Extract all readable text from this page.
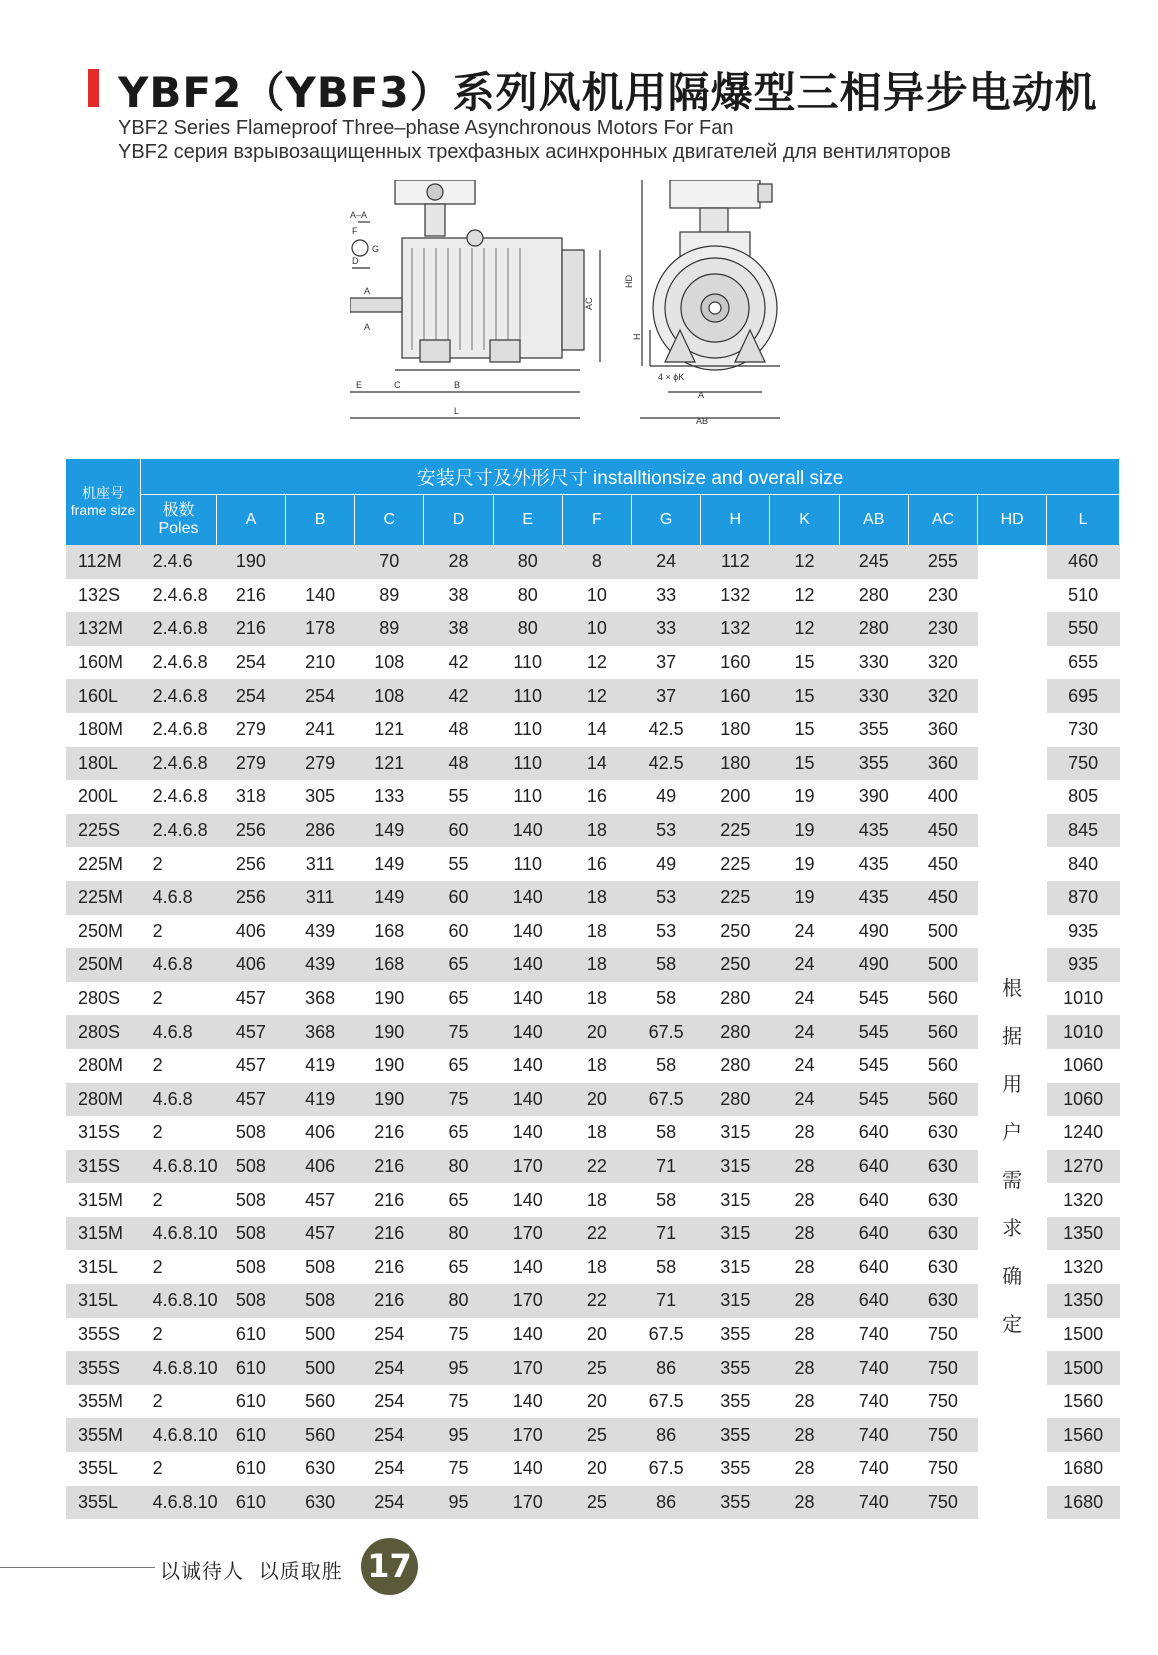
YBF2（YBF3）系列风机用隔爆型三相异步电动机
YBF2 Series Flameproof Three–phase Asynchronous Motors For Fan
YBF2 серия взрывозащищенных трехфазных асинхронных двигателей для вентиляторов
A–A
F
G
D
A
A
E	C	B
L
AC
HD
H
4 × ϕK
A
AB
机座号
frame size	安装尺寸及外形尺寸 installtionsize and overall size													
	极数
Poles	A	B	C	D	E	F	G	H	K	AB	AC	HD	L
112M	2.4.6	190		70	28	80	8	24	112	12	245	255	根据用户需求确定	460
132S	2.4.6.8	216	140	89	38	80	10	33	132	12	280	230		510
132M	2.4.6.8	216	178	89	38	80	10	33	132	12	280	230		550
160M	2.4.6.8	254	210	108	42	110	12	37	160	15	330	320		655
160L	2.4.6.8	254	254	108	42	110	12	37	160	15	330	320		695
180M	2.4.6.8	279	241	121	48	110	14	42.5	180	15	355	360		730
180L	2.4.6.8	279	279	121	48	110	14	42.5	180	15	355	360		750
200L	2.4.6.8	318	305	133	55	110	16	49	200	19	390	400		805
225S	2.4.6.8	256	286	149	60	140	18	53	225	19	435	450		845
225M	2	256	311	149	55	110	16	49	225	19	435	450		840
225M	4.6.8	256	311	149	60	140	18	53	225	19	435	450		870
250M	2	406	439	168	60	140	18	53	250	24	490	500		935
250M	4.6.8	406	439	168	65	140	18	58	250	24	490	500		935
280S	2	457	368	190	65	140	18	58	280	24	545	560		1010
280S	4.6.8	457	368	190	75	140	20	67.5	280	24	545	560		1010
280M	2	457	419	190	65	140	18	58	280	24	545	560		1060
280M	4.6.8	457	419	190	75	140	20	67.5	280	24	545	560		1060
315S	2	508	406	216	65	140	18	58	315	28	640	630		1240
315S	4.6.8.10	508	406	216	80	170	22	71	315	28	640	630		1270
315M	2	508	457	216	65	140	18	58	315	28	640	630		1320
315M	4.6.8.10	508	457	216	80	170	22	71	315	28	640	630		1350
315L	2	508	508	216	65	140	18	58	315	28	640	630		1320
315L	4.6.8.10	508	508	216	80	170	22	71	315	28	640	630		1350
355S	2	610	500	254	75	140	20	67.5	355	28	740	750		1500
355S	4.6.8.10	610	500	254	95	170	25	86	355	28	740	750		1500
355M	2	610	560	254	75	140	20	67.5	355	28	740	750		1560
355M	4.6.8.10	610	560	254	95	170	25	86	355	28	740	750		1560
355L	2	610	630	254	75	140	20	67.5	355	28	740	750		1680
355L	4.6.8.10	610	630	254	95	170	25	86	355	28	740	750		1680
以诚待人  以质取胜 17
